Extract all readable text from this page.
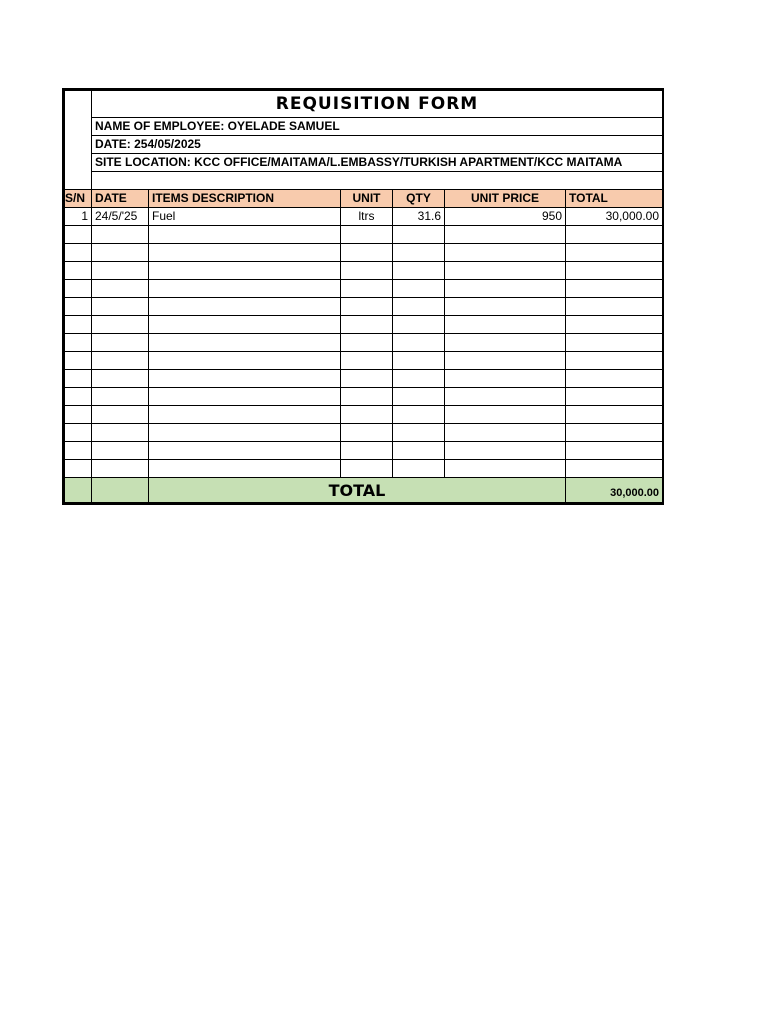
	REQUISITION FORM					
	NAME OF EMPLOYEE: OYELADE SAMUEL					
	DATE: 254/05/2025					
	SITE LOCATION: KCC OFFICE/MAITAMA/L.EMBASSY/TURKISH APARTMENT/KCC MAITAMA					

S/N	DATE	ITEMS DESCRIPTION	UNIT	QTY	UNIT PRICE	TOTAL
1	24/5/'25	Fuel	ltrs	31.6	950	30,000.00

		TOTAL				30,000.00
